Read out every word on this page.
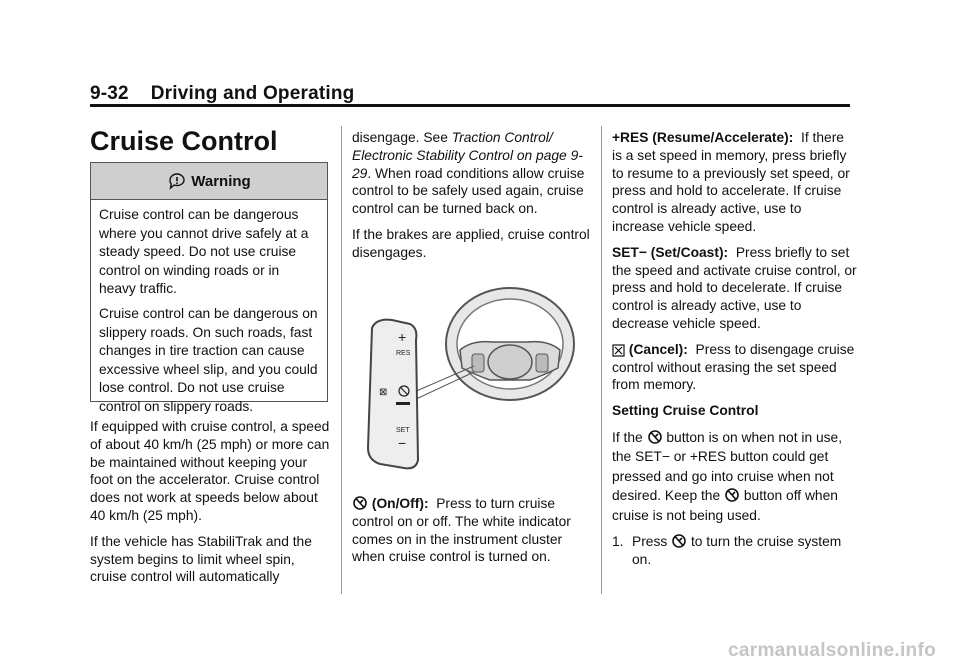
9-32 Driving and Operating
Cruise Control
Warning

Cruise control can be dangerous where you cannot drive safely at a steady speed. Do not use cruise control on winding roads or in heavy traffic.

Cruise control can be dangerous on slippery roads. On such roads, fast changes in tire traction can cause excessive wheel slip, and you could lose control. Do not use cruise control on slippery roads.

If equipped with cruise control, a speed of about 40 km/h (25 mph) or more can be maintained without keeping your foot on the accelerator. Cruise control does not work at speeds below about 40 km/h (25 mph).

If the vehicle has StabiliTrak and the system begins to limit wheel spin, cruise control will automatically

disengage. See Traction Control/ Electronic Stability Control on page 9-29. When road conditions allow cruise control to be safely used again, cruise control can be turned back on.

If the brakes are applied, cruise control disengages.

+
RES
⊠
SET
−

(On/Off): Press to turn cruise control on or off. The white indicator comes on in the instrument cluster when cruise control is turned on.

+RES (Resume/Accelerate): If there is a set speed in memory, press briefly to resume to a previously set speed, or press and hold to accelerate. If cruise control is already active, use to increase vehicle speed.

SET− (Set/Coast): Press briefly to set the speed and activate cruise control, or press and hold to decelerate. If cruise control is already active, use to decrease vehicle speed.

(Cancel): Press to disengage cruise control without erasing the set speed from memory.

Setting Cruise Control

If the button is on when not in use, the SET− or +RES button could get pressed and go into cruise when not desired. Keep the button off when cruise is not being used.

1. Press to turn the cruise system on.
carmanualsonline.info
